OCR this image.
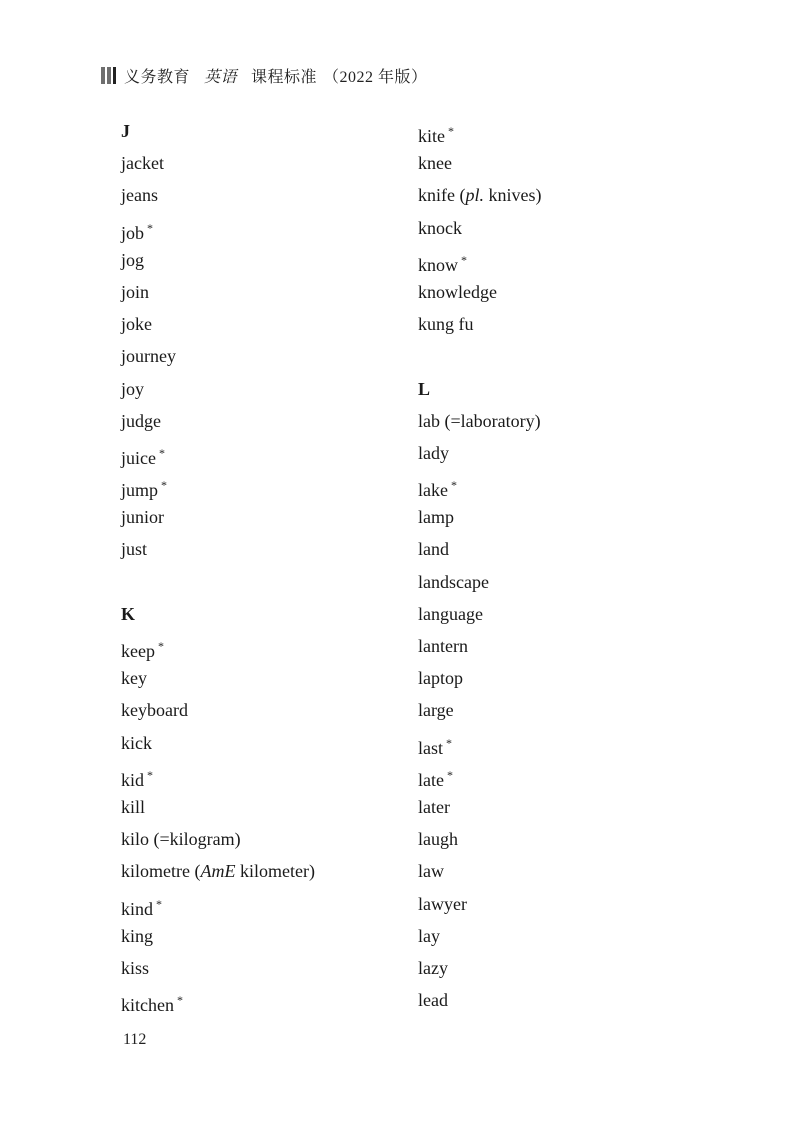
义务教育 英语 课程标准 （2022 年版）
J
jacket
jeans
job *
jog
join
joke
journey
joy
judge
juice *
jump *
junior
just
K
keep *
key
keyboard
kick
kid *
kill
kilo (=kilogram)
kilometre (AmE kilometer)
kind *
king
kiss
kitchen *
kite *
knee
knife (pl. knives)
knock
know *
knowledge
kung fu
L
lab (=laboratory)
lady
lake *
lamp
land
landscape
language
lantern
laptop
large
last *
late *
later
laugh
law
lawyer
lay
lazy
lead
112
